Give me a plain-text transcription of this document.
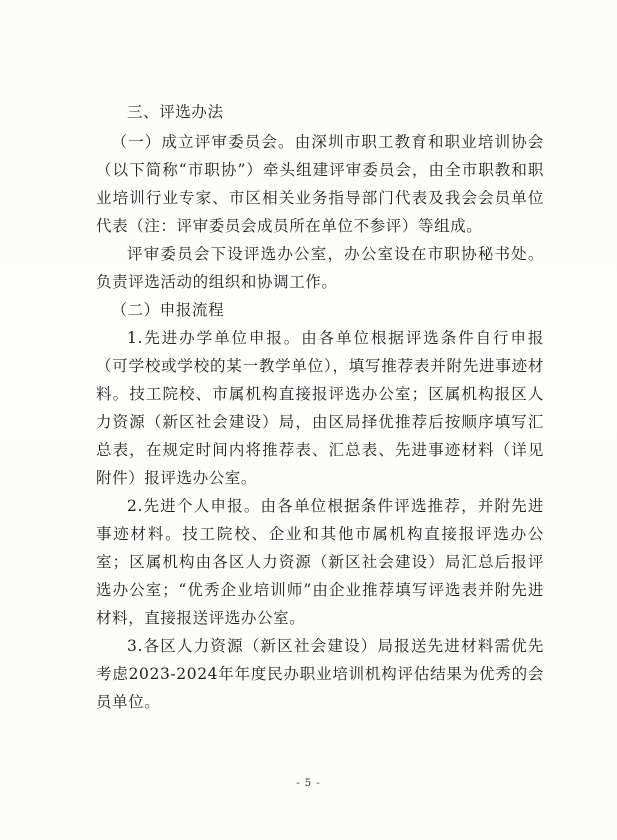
三、评选办法

（一）成立评审委员会。由深圳市职工教育和职业培训协会（以下简称“市职协”）牵头组建评审委员会，由全市职教和职业培训行业专家、市区相关业务指导部门代表及我会会员单位代表（注：评审委员会成员所在单位不参评）等组成。

评审委员会下设评选办公室，办公室设在市职协秘书处。负责评选活动的组织和协调工作。

（二）申报流程

1.先进办学单位申报。由各单位根据评选条件自行申报（可学校或学校的某一教学单位），填写推荐表并附先进事迹材料。技工院校、市属机构直接报评选办公室；区属机构报区人力资源（新区社会建设）局，由区局择优推荐后按顺序填写汇总表，在规定时间内将推荐表、汇总表、先进事迹材料（详见附件）报评选办公室。

2.先进个人申报。由各单位根据条件评选推荐，并附先进事迹材料。技工院校、企业和其他市属机构直接报评选办公室；区属机构由各区人力资源（新区社会建设）局汇总后报评选办公室；“优秀企业培训师”由企业推荐填写评选表并附先进材料，直接报送评选办公室。

3.各区人力资源（新区社会建设）局报送先进材料需优先考虑2023-2024年年度民办职业培训机构评估结果为优秀的会员单位。

- 5 -
